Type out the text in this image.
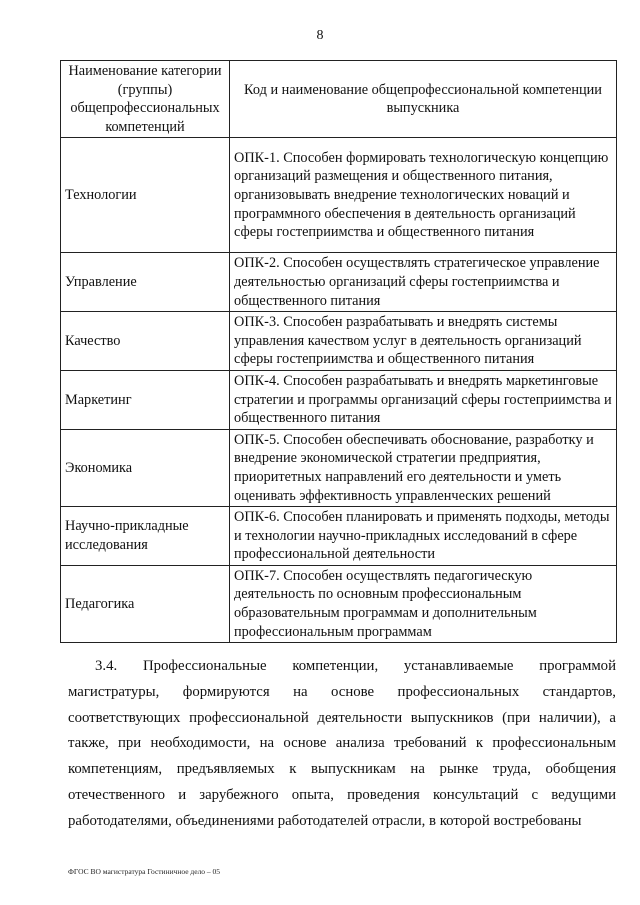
8
Наименование категории (группы) общепрофессиональных компетенций	Код и наименование общепрофессиональной компетенции выпускника
Технологии	ОПК-1. Способен формировать технологическую концепцию организаций размещения и общественного питания, организовывать внедрение технологических новаций и программного обеспечения в деятельность организаций сферы гостеприимства и общественного питания
Управление	ОПК-2. Способен осуществлять стратегическое управление деятельностью организаций сферы гостеприимства и общественного питания
Качество	ОПК-3. Способен разрабатывать и внедрять системы управления качеством услуг в деятельность организаций сферы гостеприимства и общественного питания
Маркетинг	ОПК-4. Способен разрабатывать и внедрять маркетинговые стратегии и программы организаций сферы гостеприимства и общественного питания
Экономика	ОПК-5. Способен обеспечивать обоснование, разработку и внедрение экономической стратегии предприятия, приоритетных направлений его деятельности и уметь оценивать эффективность управленческих решений
Научно-прикладные исследования	ОПК-6. Способен планировать и применять подходы, методы и технологии научно-прикладных исследований в сфере профессиональной деятельности
Педагогика	ОПК-7. Способен осуществлять педагогическую деятельность по основным профессиональным образовательным программам и дополнительным профессиональным программам

3.4. Профессиональные компетенции, устанавливаемые программой магистратуры, формируются на основе профессиональных стандартов, соответствующих профессиональной деятельности выпускников (при наличии), а также, при необходимости, на основе анализа требований к профессиональным компетенциям, предъявляемых к выпускникам на рынке труда, обобщения отечественного и зарубежного опыта, проведения консультаций с ведущими работодателями, объединениями работодателей отрасли, в которой востребованы

ФГОС ВО магистратура Гостиничное дело – 05
